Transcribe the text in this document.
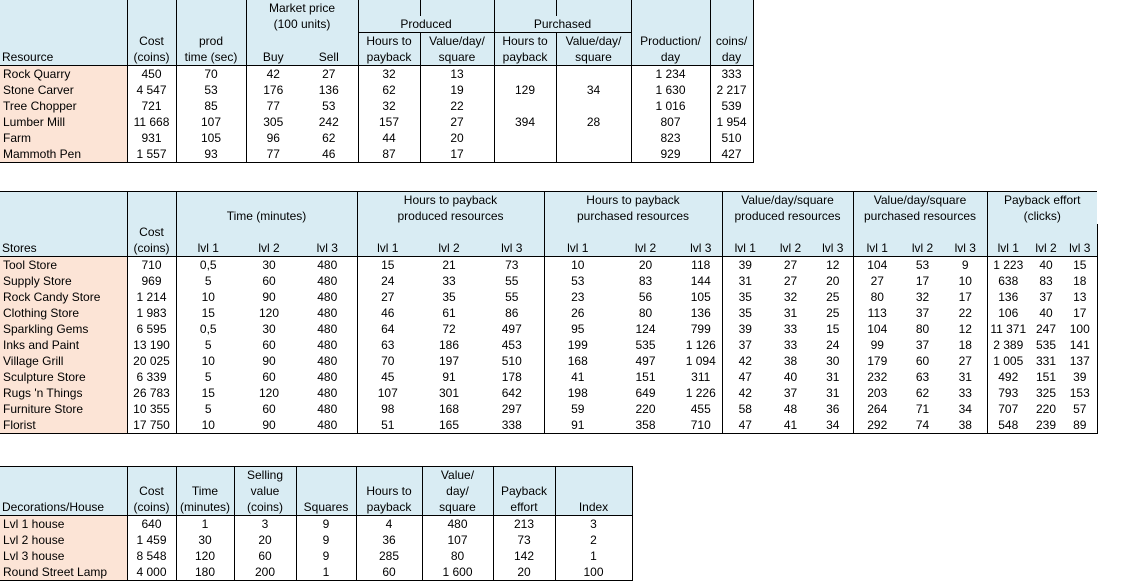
			Market price							
			(100 units)		Produced		Purchased			
	Cost	prod			Hours to	Value/day/	Hours to	Value/day/	Production/	coins/
Resource	(coins)	time (sec)	Buy	Sell	payback	square	payback	square	day	day
Rock Quarry	450	70	42	27	32	13			1 234	333
Stone Carver	4 547	53	176	136	62	19	129	34	1 630	2 217
Tree Chopper	721	85	77	53	32	22			1 016	539
Lumber Mill	11 668	107	305	242	157	27	394	28	807	1 954
Farm	931	105	96	62	44	20			823	510
Mammoth Pen	1 557	93	77	46	87	17			929	427
					Hours to payback			Hours to payback			Value/day/square			Value/day/square			Payback effort		
		Time (minutes)			produced resources			purchased resources			produced resources			purchased resources			(clicks)		
	Cost																		
Stores	(coins)	lvl 1	lvl 2	lvl 3	lvl 1	lvl 2	lvl 3	lvl 1	lvl 2	lvl 3	lvl 1	lvl 2	lvl 3	lvl 1	lvl 2	lvl 3	lvl 1	lvl 2	lvl 3
Tool Store	710	0,5	30	480	15	21	73	10	20	118	39	27	12	104	53	9	1 223	40	15
Supply Store	969	5	60	480	24	33	55	53	83	144	31	27	20	27	17	10	638	83	18
Rock Candy Store	1 214	10	90	480	27	35	55	23	56	105	35	32	25	80	32	17	136	37	13
Clothing Store	1 983	15	120	480	46	61	86	26	80	136	35	31	25	113	37	22	106	40	17
Sparkling Gems	6 595	0,5	30	480	64	72	497	95	124	799	39	33	15	104	80	12	11 371	247	100
Inks and Paint	13 190	5	60	480	63	186	453	199	535	1 126	37	33	24	99	37	18	2 389	535	141
Village Grill	20 025	10	90	480	70	197	510	168	497	1 094	42	38	30	179	60	27	1 005	331	137
Sculpture Store	6 339	5	60	480	45	91	178	41	151	311	47	40	31	232	63	31	492	151	39
Rugs 'n Things	26 783	15	120	480	107	301	642	198	649	1 226	42	37	31	203	62	33	793	325	153
Furniture Store	10 355	5	60	480	98	168	297	59	220	455	58	48	36	264	71	34	707	220	57
Florist	17 750	10	90	480	51	165	338	91	358	710	47	41	34	292	74	38	548	239	89
			Selling			Value/		
	Cost	Time	value		Hours to	day/	Payback	
Decorations/House	(coins)	(minutes)	(coins)	Squares	payback	square	effort	Index
Lvl 1 house	640	1	3	9	4	480	213	3
Lvl 2 house	1 459	30	20	9	36	107	73	2
Lvl 3 house	8 548	120	60	9	285	80	142	1
Round Street Lamp	4 000	180	200	1	60	1 600	20	100
